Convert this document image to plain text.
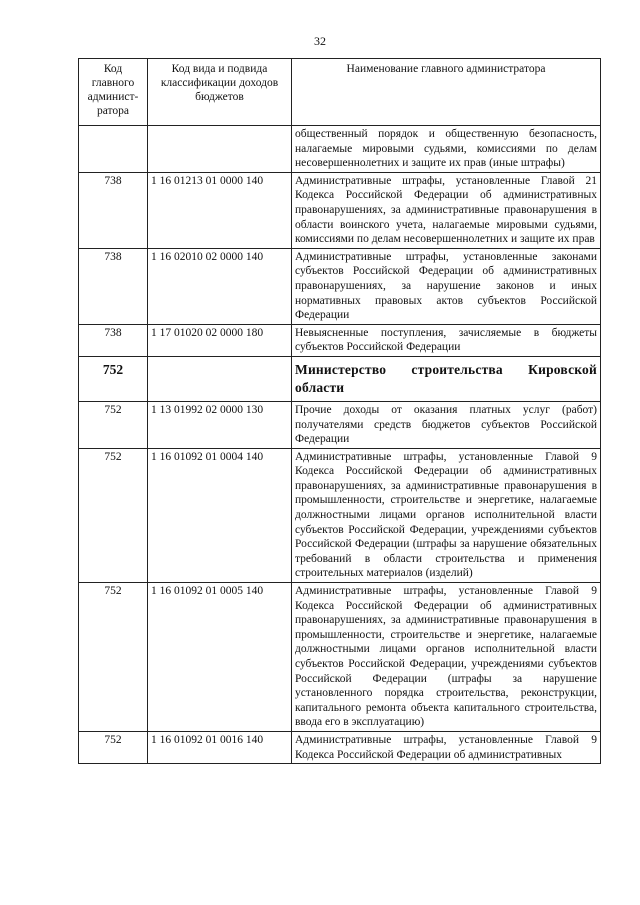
32
Код главного админист-ратора	Код вида и подвида классификации доходов бюджетов	Наименование главного администратора
		общественный порядок и общественную безопасность, налагаемые мировыми судьями, комиссиями по делам несовершеннолетних и защите их прав (иные штрафы)
738	1 16 01213 01 0000 140	Административные штрафы, установленные Главой 21 Кодекса Российской Федерации об административных правонарушениях, за административные правонарушения в области воинского учета, налагаемые мировыми судьями, комиссиями по делам несовершеннолетних и защите их прав
738	1 16 02010 02 0000 140	Административные штрафы, установленные законами субъектов Российской Федерации об административных правонарушениях, за нарушение законов и иных нормативных правовых актов субъектов Российской Федерации
738	1 17 01020 02 0000 180	Невыясненные поступления, зачисляемые в бюджеты субъектов Российской Федерации
752		Министерство строительства Кировской области
752	1 13 01992 02 0000 130	Прочие доходы от оказания платных услуг (работ) получателями средств бюджетов субъектов Российской Федерации
752	1 16 01092 01 0004 140	Административные штрафы, установленные Главой 9 Кодекса Российской Федерации об административных правонарушениях, за административные правонарушения в промышленности, строительстве и энергетике, налагаемые должностными лицами органов исполнительной власти субъектов Российской Федерации, учреждениями субъектов Российской Федерации (штрафы за нарушение обязательных требований в области строительства и применения строительных материалов (изделий)
752	1 16 01092 01 0005 140	Административные штрафы, установленные Главой 9 Кодекса Российской Федерации об административных правонарушениях, за административные правонарушения в промышленности, строительстве и энергетике, налагаемые должностными лицами органов исполнительной власти субъектов Российской Федерации, учреждениями субъектов Российской Федерации (штрафы за нарушение установленного порядка строительства, реконструкции, капитального ремонта объекта капитального строительства, ввода его в эксплуатацию)
752	1 16 01092 01 0016 140	Административные штрафы, установленные Главой 9 Кодекса Российской Федерации об административных
